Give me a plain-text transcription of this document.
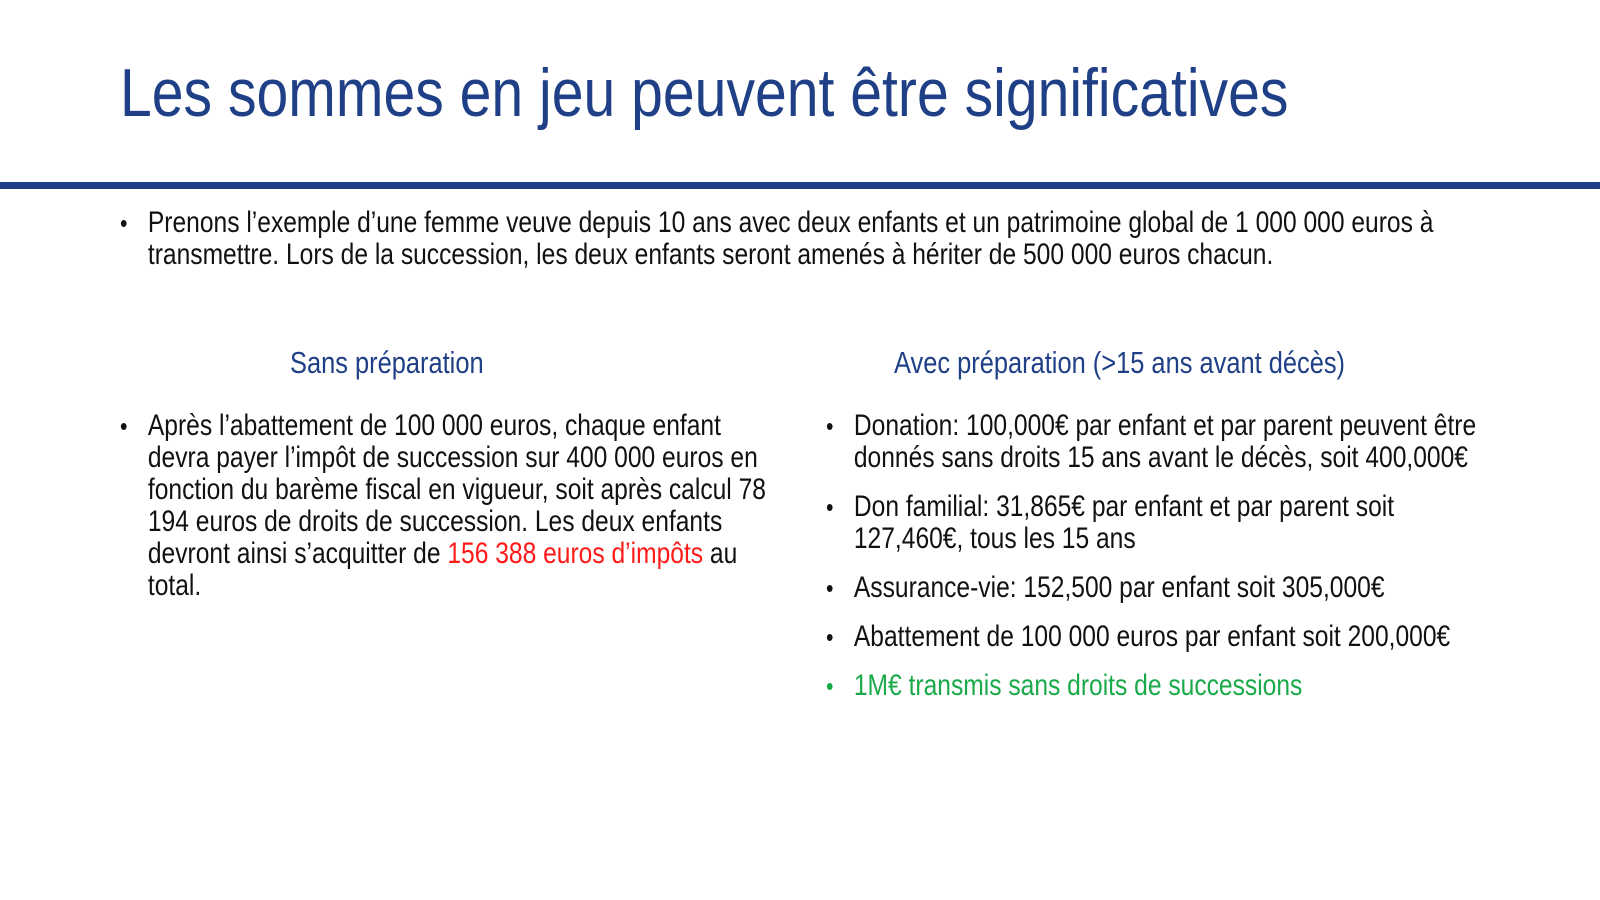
Les sommes en jeu peuvent être significatives
• Prenons l’exemple d’une femme veuve depuis 10 ans avec deux enfants et un patrimoine global de 1 000 000 euros à transmettre. Lors de la succession, les deux enfants seront amenés à hériter de 500 000 euros chacun.
Sans préparation	Avec préparation (>15 ans avant décès)
• Après l’abattement de 100 000 euros, chaque enfant devra payer l’impôt de succession sur 400 000 euros en fonction du barème fiscal en vigueur, soit après calcul 78 194 euros de droits de succession. Les deux enfants devront ainsi s’acquitter de 156 388 euros d’impôts au total.
• Donation: 100,000€ par enfant et par parent peuvent être donnés sans droits 15 ans avant le décès, soit 400,000€
• Don familial: 31,865€ par enfant et par parent soit 127,460€, tous les 15 ans
• Assurance-vie: 152,500 par enfant soit 305,000€
• Abattement de 100 000 euros par enfant soit 200,000€
• 1M€ transmis sans droits de successions
